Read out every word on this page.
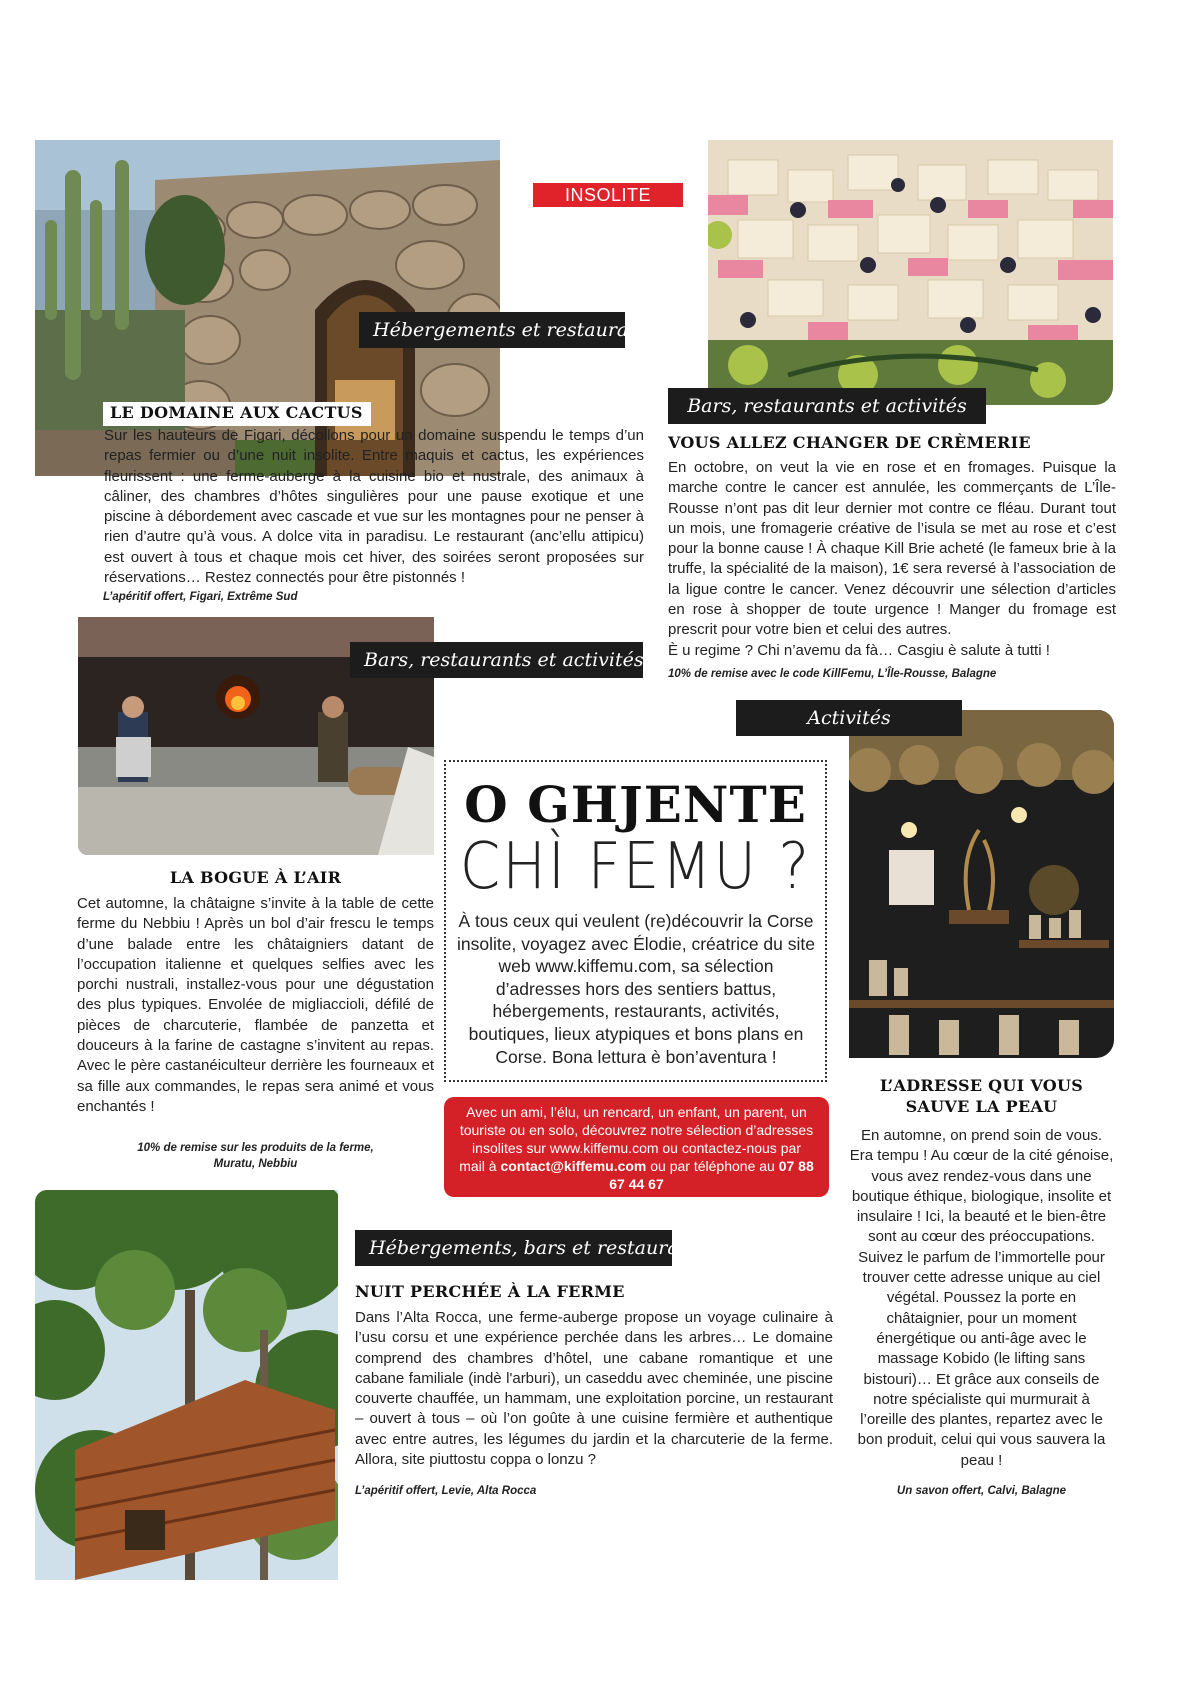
INSOLITE
Hébergements et restaurants
LE DOMAINE AUX CACTUS
Sur les hauteurs de Figari, décollons pour un domaine suspendu le temps d’un repas fermier ou d’une nuit insolite. Entre maquis et cactus, les expériences fleurissent : une ferme-auberge à la cuisine bio et nustrale, des animaux à câliner, des chambres d’hôtes singulières pour une pause exotique et une piscine à débordement avec cascade et vue sur les montagnes pour ne penser à rien d’autre qu’à vous. A dolce vita in paradisu. Le restaurant (anc’ellu attipicu) est ouvert à tous et chaque mois cet hiver, des soirées seront proposées sur réservations… Restez connectés pour être pistonnés !
L’apéritif offert, Figari, Extrême Sud
Bars, restaurants et activités
VOUS ALLEZ CHANGER DE CRÈMERIE
En octobre, on veut la vie en rose et en fromages. Puisque la marche contre le cancer est annulée, les commerçants de L’Île-Rousse n’ont pas dit leur dernier mot contre ce fléau. Durant tout un mois, une fromagerie créative de l’isula se met au rose et c’est pour la bonne cause ! À chaque Kill Brie acheté (le fameux brie à la truffe, la spécialité de la maison), 1€ sera reversé à l’association de la ligue contre le cancer. Venez découvrir une sélection d’articles en rose à shopper de toute urgence ! Manger du fromage est prescrit pour votre bien et celui des autres.
È u regime ? Chi n’avemu da fà… Casgiu è salute à tutti !
10% de remise avec le code KillFemu, L’Île-Rousse, Balagne
Bars, restaurants et activités
LA BOGUE À L’AIR
Cet automne, la châtaigne s’invite à la table de cette ferme du Nebbiu ! Après un bol d’air frescu le temps d’une balade entre les châtaigniers datant de l’occupation italienne et quelques selfies avec les porchi nustrali, installez-vous pour une dégustation des plus typiques. Envolée de migliaccioli, défilé de pièces de charcuterie, flambée de panzetta et douceurs à la farine de castagne s’invitent au repas. Avec le père castanéiculteur derrière les fourneaux et sa fille aux commandes, le repas sera animé et vous enchantés !
10% de remise sur les produits de la ferme,
Muratu, Nebbiu
O GHJENTE
CHÌ FEMU ?
À tous ceux qui veulent (re)découvrir la Corse insolite, voyagez avec Élodie, créatrice du site web www.kiffemu.com, sa sélection d’adresses hors des sentiers battus, hébergements, restaurants, activités, boutiques, lieux atypiques et bons plans en Corse. Bona lettura è bon’aventura !
Avec un ami, l’élu, un rencard, un enfant, un parent, un touriste ou en solo, découvrez notre sélection d’adresses insolites sur www.kiffemu.com ou contactez-nous par mail à contact@kiffemu.com ou par téléphone au 07 88 67 44 67
Activités
L’ADRESSE QUI VOUS
SAUVE LA PEAU
En automne, on prend soin de vous. Era tempu ! Au cœur de la cité génoise, vous avez rendez-vous dans une boutique éthique, biologique, insolite et insulaire ! Ici, la beauté et le bien-être sont au cœur des préoccupations. Suivez le parfum de l’immortelle pour trouver cette adresse unique au ciel végétal. Poussez la porte en châtaignier, pour un moment énergétique ou anti-âge avec le massage Kobido (le lifting sans bistouri)… Et grâce aux conseils de notre spécialiste qui murmurait à l’oreille des plantes, repartez avec le bon produit, celui qui vous sauvera la peau !
Un savon offert, Calvi, Balagne
Hébergements, bars et restaurants
NUIT PERCHÉE À LA FERME
Dans l’Alta Rocca, une ferme-auberge propose un voyage culinaire à l’usu corsu et une expérience perchée dans les arbres… Le domaine comprend des chambres d’hôtel, une cabane romantique et une cabane familiale (indè l'arburi), un caseddu avec cheminée, une piscine couverte chauffée, un hammam, une exploitation porcine, un restaurant – ouvert à tous – où l’on goûte à une cuisine fermière et authentique avec entre autres, les légumes du jardin et la charcuterie de la ferme. Allora, site piuttostu coppa o lonzu ?
L’apéritif offert, Levie, Alta Rocca
